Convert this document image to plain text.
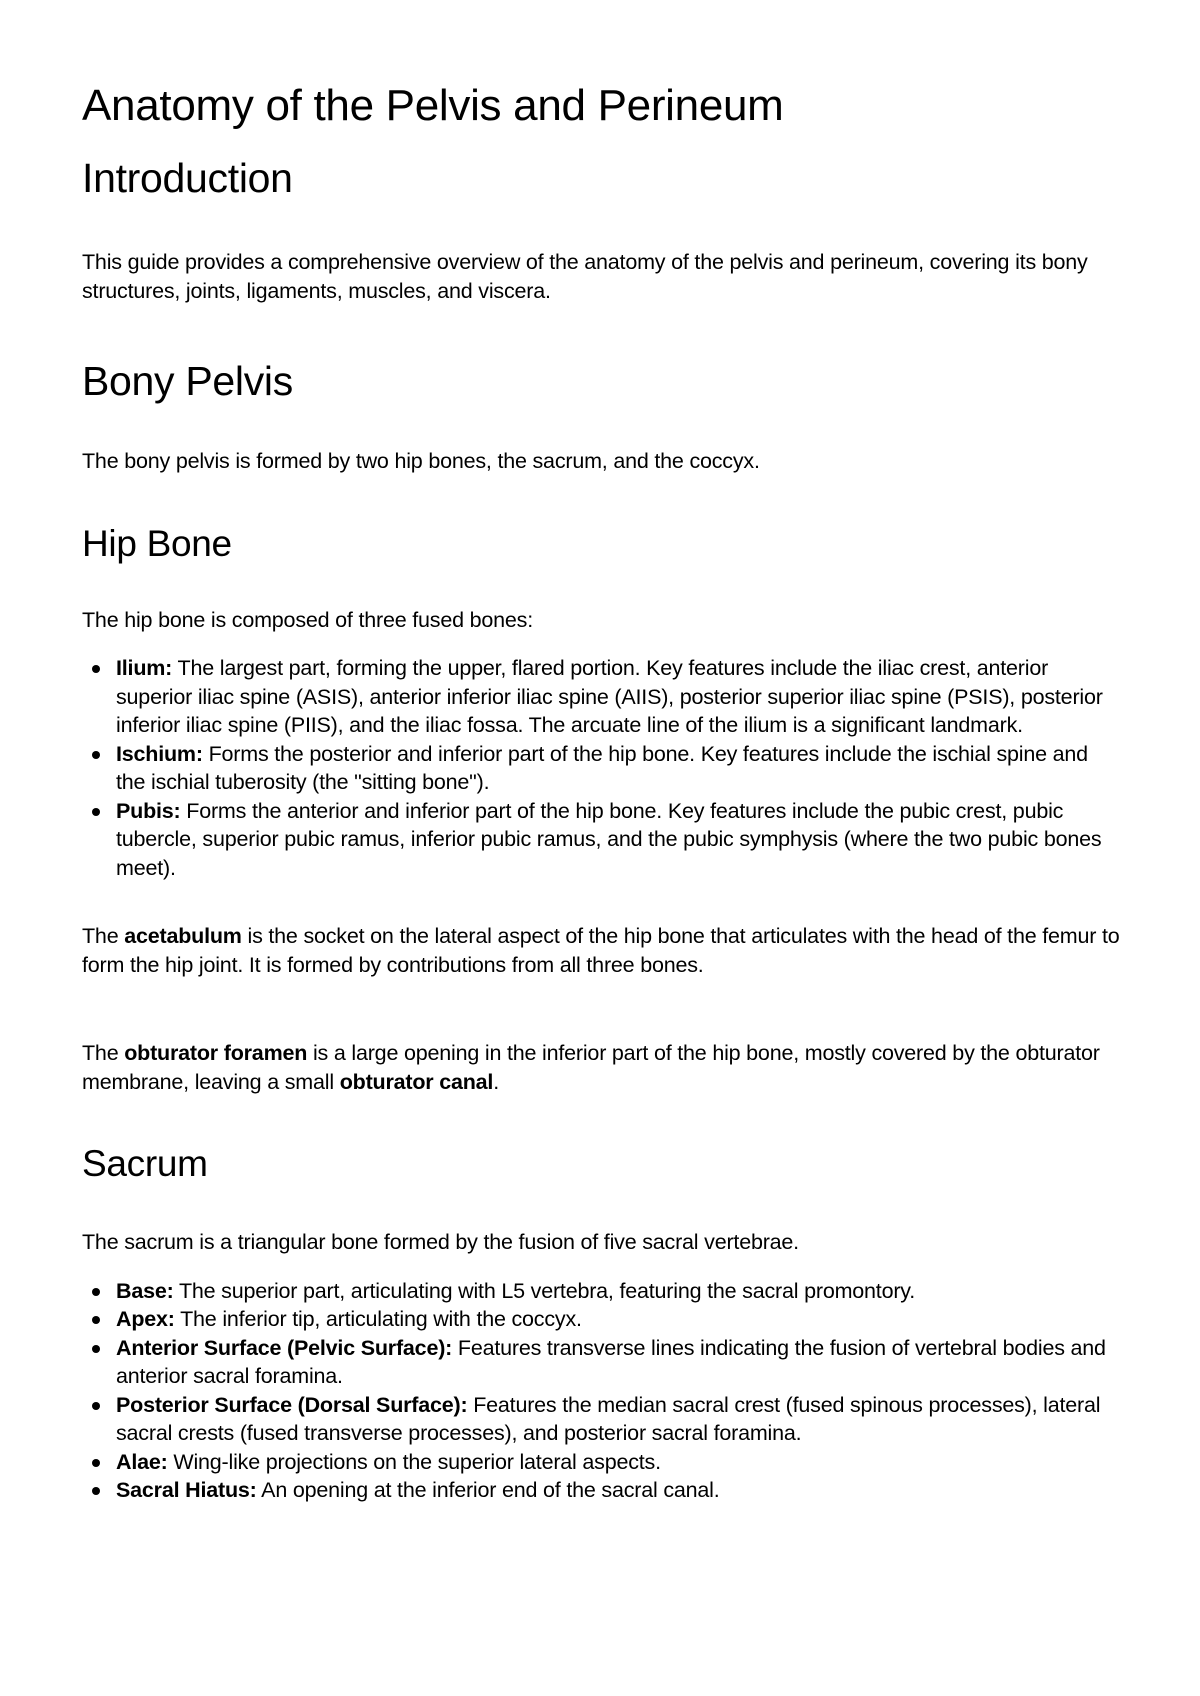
Anatomy of the Pelvis and Perineum
Introduction

This guide provides a comprehensive overview of the anatomy of the pelvis and perineum, covering its bony structures, joints, ligaments, muscles, and viscera.

Bony Pelvis

The bony pelvis is formed by two hip bones, the sacrum, and the coccyx.

Hip Bone

The hip bone is composed of three fused bones:

Ilium: The largest part, forming the upper, flared portion. Key features include the iliac crest, anterior superior iliac spine (ASIS), anterior inferior iliac spine (AIIS), posterior superior iliac spine (PSIS), posterior inferior iliac spine (PIIS), and the iliac fossa. The arcuate line of the ilium is a significant landmark.
Ischium: Forms the posterior and inferior part of the hip bone. Key features include the ischial spine and the ischial tuberosity (the "sitting bone").
Pubis: Forms the anterior and inferior part of the hip bone. Key features include the pubic crest, pubic tubercle, superior pubic ramus, inferior pubic ramus, and the pubic symphysis (where the two pubic bones meet).

The acetabulum is the socket on the lateral aspect of the hip bone that articulates with the head of the femur to form the hip joint. It is formed by contributions from all three bones.

The obturator foramen is a large opening in the inferior part of the hip bone, mostly covered by the obturator membrane, leaving a small obturator canal.

Sacrum

The sacrum is a triangular bone formed by the fusion of five sacral vertebrae.

Base: The superior part, articulating with L5 vertebra, featuring the sacral promontory.
Apex: The inferior tip, articulating with the coccyx.
Anterior Surface (Pelvic Surface): Features transverse lines indicating the fusion of vertebral bodies and anterior sacral foramina.
Posterior Surface (Dorsal Surface): Features the median sacral crest (fused spinous processes), lateral sacral crests (fused transverse processes), and posterior sacral foramina.
Alae: Wing-like projections on the superior lateral aspects.
Sacral Hiatus: An opening at the inferior end of the sacral canal.
